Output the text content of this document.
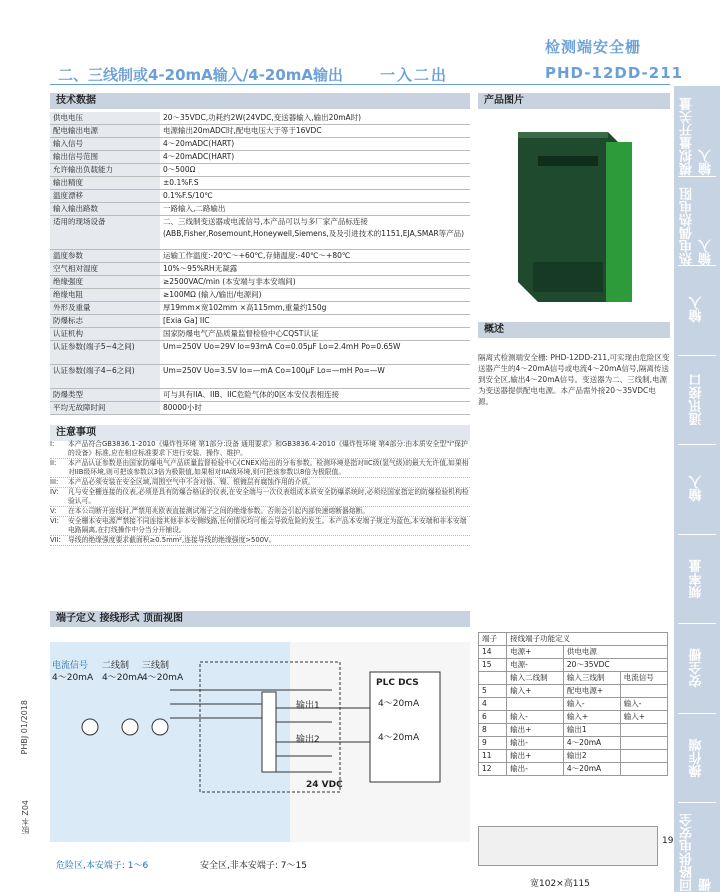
检测端安全栅
二、三线制或4-20mA输入/4-20mA输出 一入二出	PHD-12DD-211
技术数据
供电电压	20～35VDC,功耗约2W(24VDC,变送器输入,输出20mA时)
配电输出电源	电源输出20mADC时,配电电压大于等于16VDC
输入信号	4～20mADC(HART)
输出信号范围	4～20mADC(HART)
允许输出负载能力	0～500Ω
输出精度	±0.1%F.S
温度漂移	0.1%F.S/10℃
输入输出路数	一路输入,二路输出
适用的现场设备	二、三线制变送器或电流信号,本产品可以与多厂家产品标连接(ABB,Fisher,Rosemount,Honeywell,Siemens,及及引进技术的1151,EJA,SMAR等产品)
温度参数	运输工作温度:-20℃～+60℃,存储温度:-40℃～+80℃
空气相对湿度	10%～95%RH无凝露
绝缘强度	≥2500VAC/min (本安端与非本安端间)
绝缘电阻	≥100MΩ (输入/输出/电源间)
外形及重量	厚19mm×宽102mm ×高115mm,重量约150g
防爆标志	[Exia Ga] IIC
认证机构	国家防爆电气产品质量监督检验中心CQST认证
认证参数(端子5~4之间)	Um=250V Uo=29V Io=93mA Co=0.05μF Lo=2.4mH Po=0.65W
认证参数(端子4~6之间)	Um=250V Uo=3.5V Io=—mA Co=100μF Lo=—mH Po=—W
防爆类型	可与具有IIA、IIB、IIC危险气体的0区本安仪表相连接
平均无故障时间	80000小时
注意事项
I:	本产品符合GB3836.1-2010《爆炸性环境 第1部分:设备 通用要求》和GB3836.4-2010《爆炸性环境 第4部分:由本质安全型"i"保护的设备》标准,应在相应标准要求下进行安装、操作、维护。
II:	本产品认证参数是由国家防爆电气产品质量监督检验中心(CNEX)给出的分布参数。检测环境是指对IIC级(氢气级)的最大允许值,如果相对IIB级环境,则可把该参数以3倍为极限值,如果相对IIA级环境,则可把该参数以8倍为极限值。
III:	本产品必须安装在安全区域,周围空气中不含对铬、镍、银镀层有腐蚀作用的介质。
IV:	凡与安全栅连接的仪表,必须是具有防爆合格证的仪表,在安全端与一次仪表组成本质安全防爆系统时,必须经国家指定的防爆检验机构检验认可。
V:	在本公司断开连线时,严禁用兆欧表直接测试端子之间的绝缘参数。否则会引起内部快速熔断器熔断。
VI:	安全栅本安电源严禁接不同连接其他非本安侧线路,任何情况均可能会导致危险的发生。本产品本安端子规定为蓝色,本安端和非本安端电路隔离,在打线操作中分当分开铺设。
VII:	导线的绝缘强度要求截面积≥0.5mm²,连接导线的绝缘强度>500V。
产品图片
概述
隔离式检测端安全栅: PHD-12DD-211,可实现由危险区变送器产生的4～20mA信号或电流4～20mA信号,隔离传送到安全区,输出4～20mA信号。变送器为二、三线制,电源为变送器提供配电电源。本产品需外接20～35VDC电源。
模拟量开关量输入
热电偶热电阻输入
输入
通讯接口
输入
频率量
安全栅
操作端
回路供电安全栅
端子定义 接线形式 顶面视图
电流信号
4～20mA
二线制
4～20mA
三线制
4～20mA	PLC DCS
4～20mA
4～20mA
输出1
输出2
24 VDC
端子	接线端子功能定义		
14	电源+	供电电源	
15	电源-	20～35VDC	
	输入二线制	输入三线制	电流信号
5	输入+	配电电源+	
4		输入-	输入-
6	输入-	输入+	输入+
8	输出+	输出1	
9	输出-	4～20mA	
11	输出+	输出2	
12	输出-	4～20mA	
19
宽102×高115
危险区,本安端子: 1～6	安全区,非本安端子: 7～15
版本 Z04
PHBJ 01/2018
